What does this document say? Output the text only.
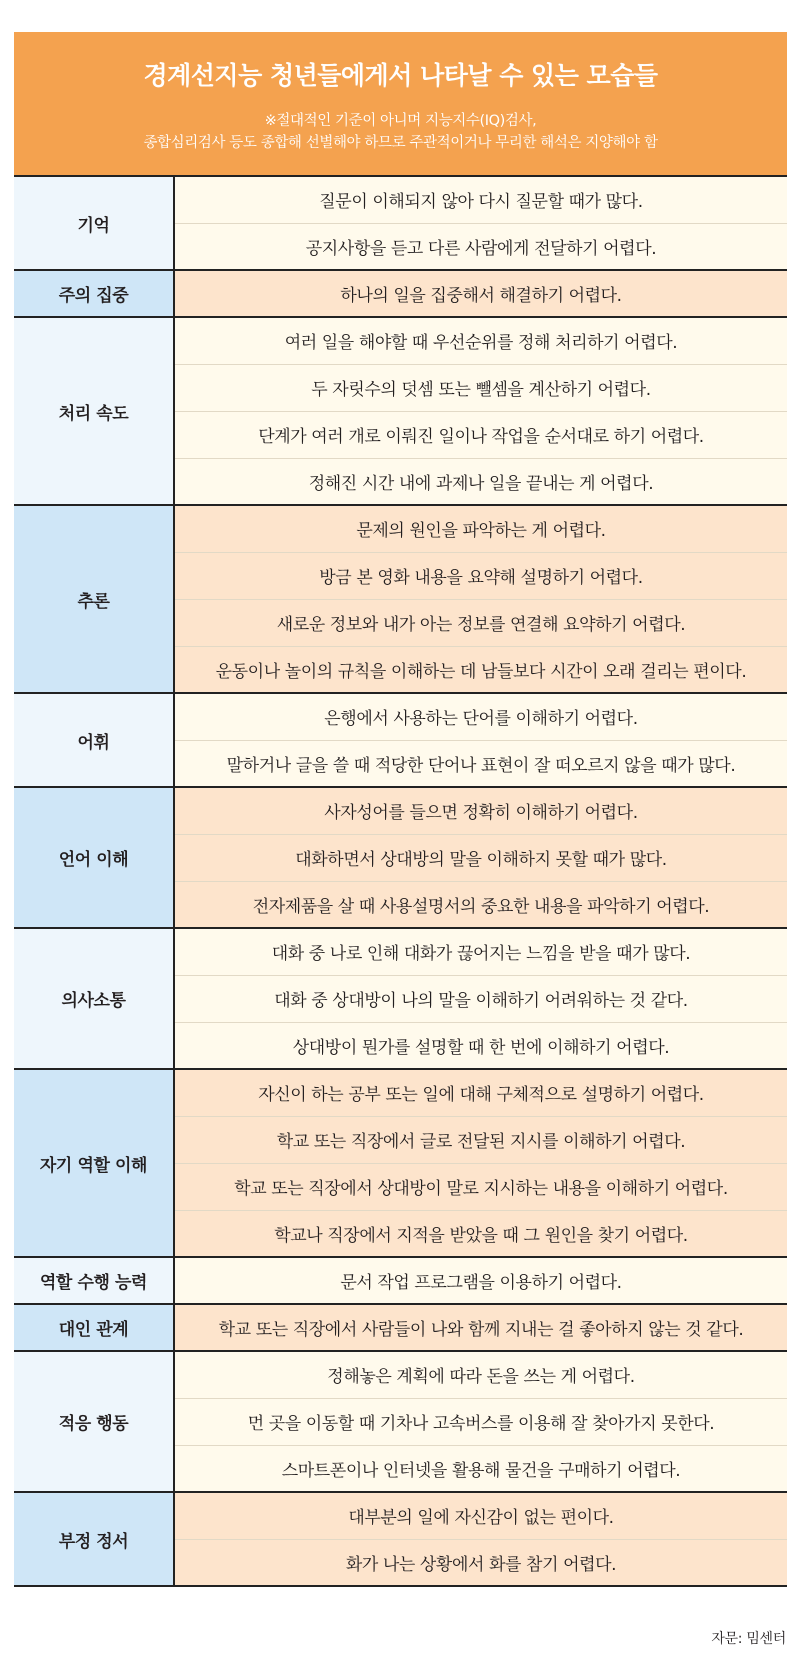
경계선지능 청년들에게서 나타날 수 있는 모습들
※절대적인 기준이 아니며 지능지수(IQ)검사,
종합심리검사 등도 종합해 선별해야 하므로 주관적이거나 무리한 해석은 지양해야 함
기억	질문이 이해되지 않아 다시 질문할 때가 많다.
	공지사항을 듣고 다른 사람에게 전달하기 어렵다.
주의 집중	하나의 일을 집중해서 해결하기 어렵다.
처리 속도	여러 일을 해야할 때 우선순위를 정해 처리하기 어렵다.
	두 자릿수의 덧셈 또는 뺄셈을 계산하기 어렵다.
	단계가 여러 개로 이뤄진 일이나 작업을 순서대로 하기 어렵다.
	정해진 시간 내에 과제나 일을 끝내는 게 어렵다.
추론	문제의 원인을 파악하는 게 어렵다.
	방금 본 영화 내용을 요약해 설명하기 어렵다.
	새로운 정보와 내가 아는 정보를 연결해 요약하기 어렵다.
	운동이나 놀이의 규칙을 이해하는 데 남들보다 시간이 오래 걸리는 편이다.
어휘	은행에서 사용하는 단어를 이해하기 어렵다.
	말하거나 글을 쓸 때 적당한 단어나 표현이 잘 떠오르지 않을 때가 많다.
언어 이해	사자성어를 들으면 정확히 이해하기 어렵다.
	대화하면서 상대방의 말을 이해하지 못할 때가 많다.
	전자제품을 살 때 사용설명서의 중요한 내용을 파악하기 어렵다.
의사소통	대화 중 나로 인해 대화가 끊어지는 느낌을 받을 때가 많다.
	대화 중 상대방이 나의 말을 이해하기 어려워하는 것 같다.
	상대방이 뭔가를 설명할 때 한 번에 이해하기 어렵다.
자기 역할 이해	자신이 하는 공부 또는 일에 대해 구체적으로 설명하기 어렵다.
	학교 또는 직장에서 글로 전달된 지시를 이해하기 어렵다.
	학교 또는 직장에서 상대방이 말로 지시하는 내용을 이해하기 어렵다.
	학교나 직장에서 지적을 받았을 때 그 원인을 찾기 어렵다.
역할 수행 능력	문서 작업 프로그램을 이용하기 어렵다.
대인 관계	학교 또는 직장에서 사람들이 나와 함께 지내는 걸 좋아하지 않는 것 같다.
적응 행동	정해놓은 계획에 따라 돈을 쓰는 게 어렵다.
	먼 곳을 이동할 때 기차나 고속버스를 이용해 잘 찾아가지 못한다.
	스마트폰이나 인터넷을 활용해 물건을 구매하기 어렵다.
부정 정서	대부분의 일에 자신감이 없는 편이다.
	화가 나는 상황에서 화를 참기 어렵다.
자문: 밈센터
